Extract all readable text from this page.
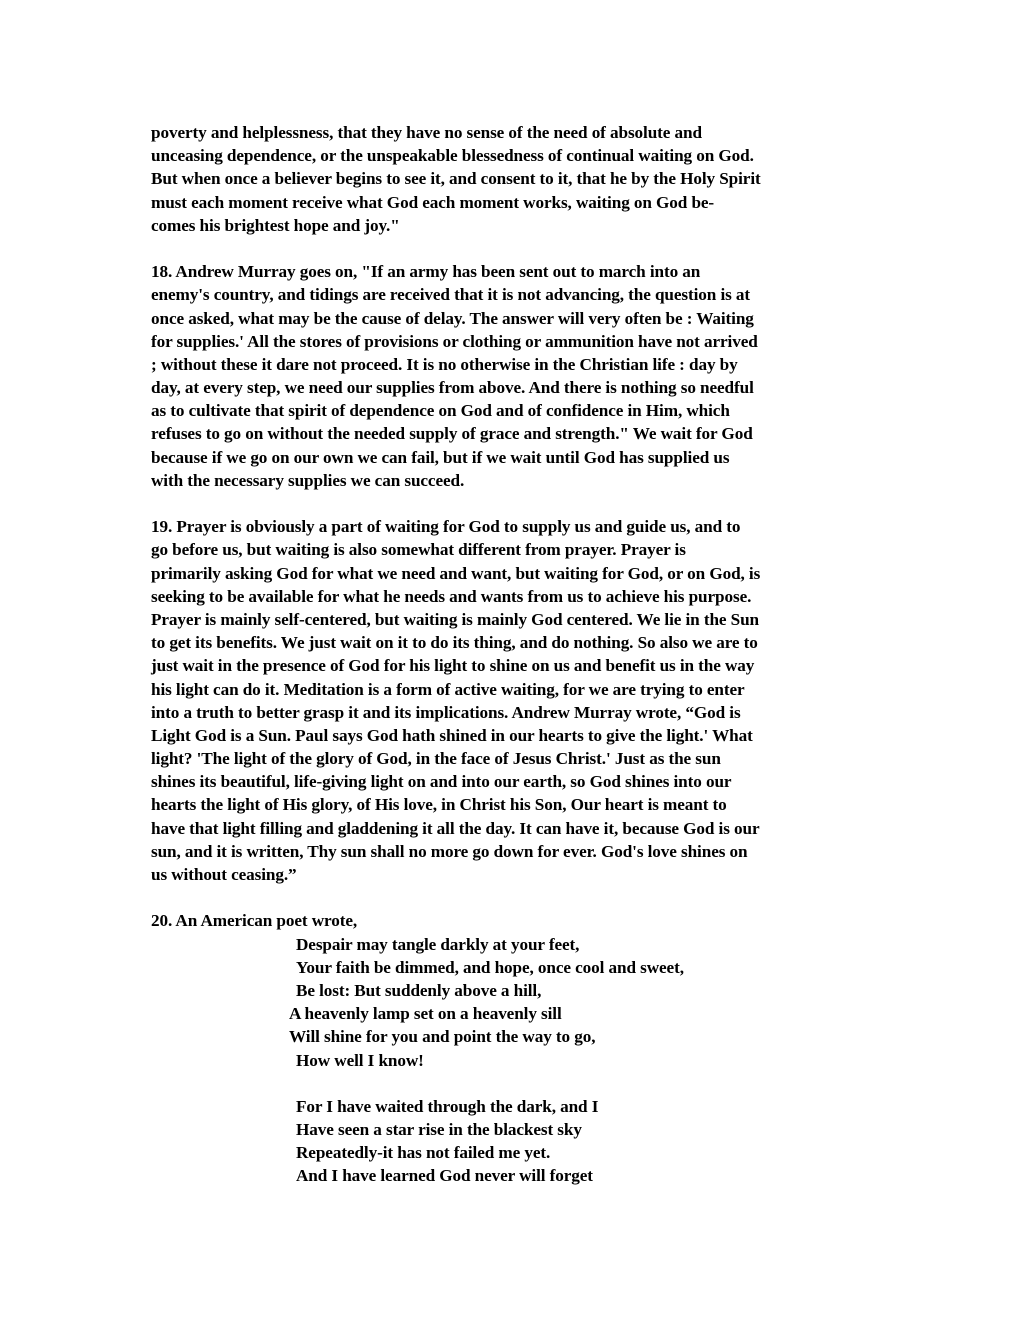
poverty and helplessness, that they have no sense of the need of absolute and
unceasing dependence, or the unspeakable blessedness of continual waiting on God.
But when once a believer begins to see it, and consent to it, that he by the Holy Spirit
must each moment receive what God each moment works, waiting on God be-
comes his brightest hope and joy."
18. Andrew Murray goes on, "If an army has been sent out to march into an
enemy's country, and tidings are received that it is not advancing, the question is at
once asked, what may be the cause of delay. The answer will very often be : Waiting
for supplies.' All the stores of provisions or clothing or ammunition have not arrived
; without these it dare not proceed. It is no otherwise in the Christian life : day by
day, at every step, we need our supplies from above. And there is nothing so needful
as to cultivate that spirit of dependence on God and of confidence in Him, which
refuses to go on without the needed supply of grace and strength." We wait for God
because if we go on our own we can fail, but if we wait until God has supplied us
with the necessary supplies we can succeed.
19. Prayer is obviously a part of waiting for God to supply us and guide us, and to
go before us, but waiting is also somewhat different from prayer. Prayer is
primarily asking God for what we need and want, but waiting for God, or on God, is
seeking to be available for what he needs and wants from us to achieve his purpose.
Prayer is mainly self-centered, but waiting is mainly God centered. We lie in the Sun
to get its benefits. We just wait on it to do its thing, and do nothing. So also we are to
just wait in the presence of God for his light to shine on us and benefit us in the way
his light can do it. Meditation is a form of active waiting, for we are trying to enter
into a truth to better grasp it and its implications. Andrew Murray wrote, “God is
Light God is a Sun. Paul says God hath shined in our hearts to give the light.' What
light? 'The light of the glory of God, in the face of Jesus Christ.' Just as the sun
shines its beautiful, life-giving light on and into our earth, so God shines into our
hearts the light of His glory, of His love, in Christ his Son, Our heart is meant to
have that light filling and gladdening it all the day. It can have it, because God is our
sun, and it is written, Thy sun shall no more go down for ever. God's love shines on
us without ceasing.”
20. An American poet wrote,
Despair may tangle darkly at your feet,
Your faith be dimmed, and hope, once cool and sweet,
Be lost: But suddenly above a hill,
A heavenly lamp set on a heavenly sill
Will shine for you and point the way to go,
How well I know!
For I have waited through the dark, and I
Have seen a star rise in the blackest sky
Repeatedly-it has not failed me yet.
And I have learned God never will forget
